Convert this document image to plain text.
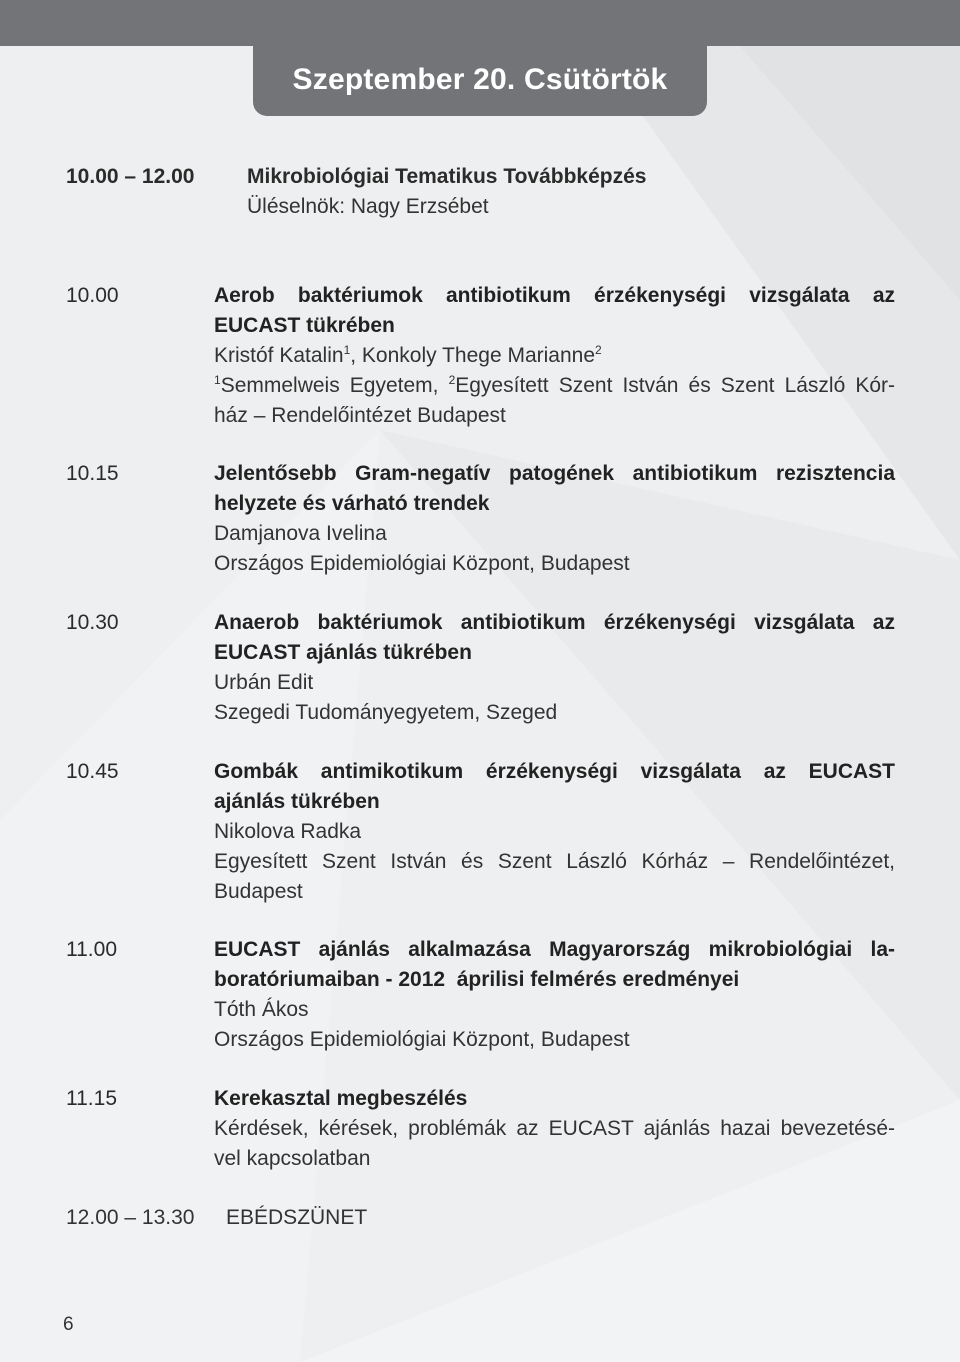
Szeptember 20. Csütörtök
10.00 – 12.00	Mikrobiológiai Tematikus Továbbképzés
Üléselnök: Nagy Erzsébet
10.00	Aerob baktériumok antibiotikum érzékenységi vizsgálata az
EUCAST tükrében
Kristóf Katalin$^1$, Konkoly Thege Marianne$^2$
$^1$Semmelweis Egyetem, $^2$Egyesített Szent István és Szent László Kór-
ház – Rendelőintézet Budapest
10.15	Jelentősebb Gram-negatív patogének antibiotikum rezisztencia
helyzete és várható trendek
Damjanova Ivelina
Országos Epidemiológiai Központ, Budapest
10.30	Anaerob baktériumok antibiotikum érzékenységi vizsgálata az
EUCAST ajánlás tükrében
Urbán Edit
Szegedi Tudományegyetem, Szeged
10.45	Gombák antimikotikum érzékenységi vizsgálata az EUCAST
ajánlás tükrében
Nikolova Radka
Egyesített Szent István és Szent László Kórház – Rendelőintézet,
Budapest
11.00	EUCAST ajánlás alkalmazása Magyarország mikrobiológiai la-
boratóriumaiban - 2012  áprilisi felmérés eredményei
Tóth Ákos
Országos Epidemiológiai Központ, Budapest
11.15	Kerekasztal megbeszélés
Kérdések, kérések, problémák az EUCAST ajánlás hazai bevezetésé-
vel kapcsolatban
12.00 – 13.30 EBÉDSZÜNET
6
